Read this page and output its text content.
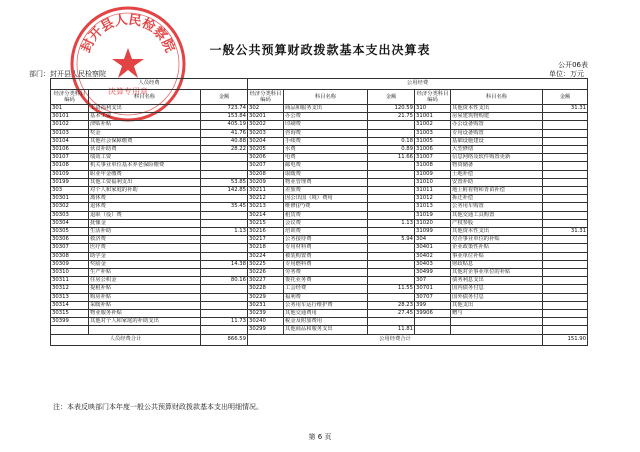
一般公共预算财政拨款基本支出决算表
公开06表
部门：封开县人民检察院	单位：万元
封开县人民检察院
决算专用章
人员经费			公用经费					
经济分类科目编码	科目名称	金额	经济分类科目编码	科目名称	金额	经济分类科目编码	科目名称	金额
301	工资福利支出	723.74	302	商品和服务支出	120.59	310	其他资本性支出	31.31
30101	基本工资	153.84	30201	办公费	21.75	31001	房屋建筑物购建	
30102	津贴补贴	405.19	30202	印刷费		31002	办公设备购置	
30103	奖金	41.76	30203	咨询费		31003	专用设备购置	
30104	其他社会保障缴费	40.88	30204	手续费	0.18	31005	基础设施建设	
30106	伙食补助费	28.22	30205	水费	0.89	31006	大型修缮	
30107	绩效工资		30206	电费	11.66	31007	信息网络及软件购置更新	
30108	机关事业单位基本养老保险缴费		30207	邮电费		31008	物资储备	
30109	职业年金缴费		30208	取暖费		31009	土地补偿	
30199	其他工资福利支出	53.85	30209	物业管理费		31010	安置补助	
303	对个人和家庭的补助	142.85	30211	差旅费		31011	地上附着物和青苗补偿	
30301	离休费		30212	因公出国（境）费用		31012	拆迁补偿	
30302	退休费	35.45	30213	维修(护)费		31013	公务用车购置	
30303	退职（役）费		30214	租赁费		31019	其他交通工具购置	
30304	抚恤金		30215	会议费	1.13	31020	产权参股	
30305	生活补助	1.13	30216	培训费		31099	其他资本性支出	31.31
30306	救济费		30217	公务接待费	5.94	304	对企事业单位的补贴	
30307	医疗费		30218	专用材料费		30401	企业政策性补贴	
30308	助学金		30224	被装购置费		30402	事业单位补贴	
30309	奖励金	14.38	30225	专用燃料费		30403	财政贴息	
30310	生产补贴		30226	劳务费		30499	其他对企事业单位的补贴	
30311	住房公积金	80.16	30227	委托业务费		307	债务利息支出	
30312	提租补贴		30228	工会经费	11.55	30701	国内债务付息	
30313	购房补贴		30229	福利费		30707	国外债务付息	
30314	采暖补贴		30231	公务用车运行维护费	28.23	399	其他支出	
30315	物业服务补贴		30239	其他交通费用	27.45	39906	赠与	
30399	其他对个人和家庭的补助支出	11.73	30240	税金及附加费用				
			30299	其他商品和服务支出	11.81			
人员经费合计		866.59	公用经费合计					151.90
注：本表反映部门本年度一般公共预算财政拨款基本支出明细情况。
第 6 页
